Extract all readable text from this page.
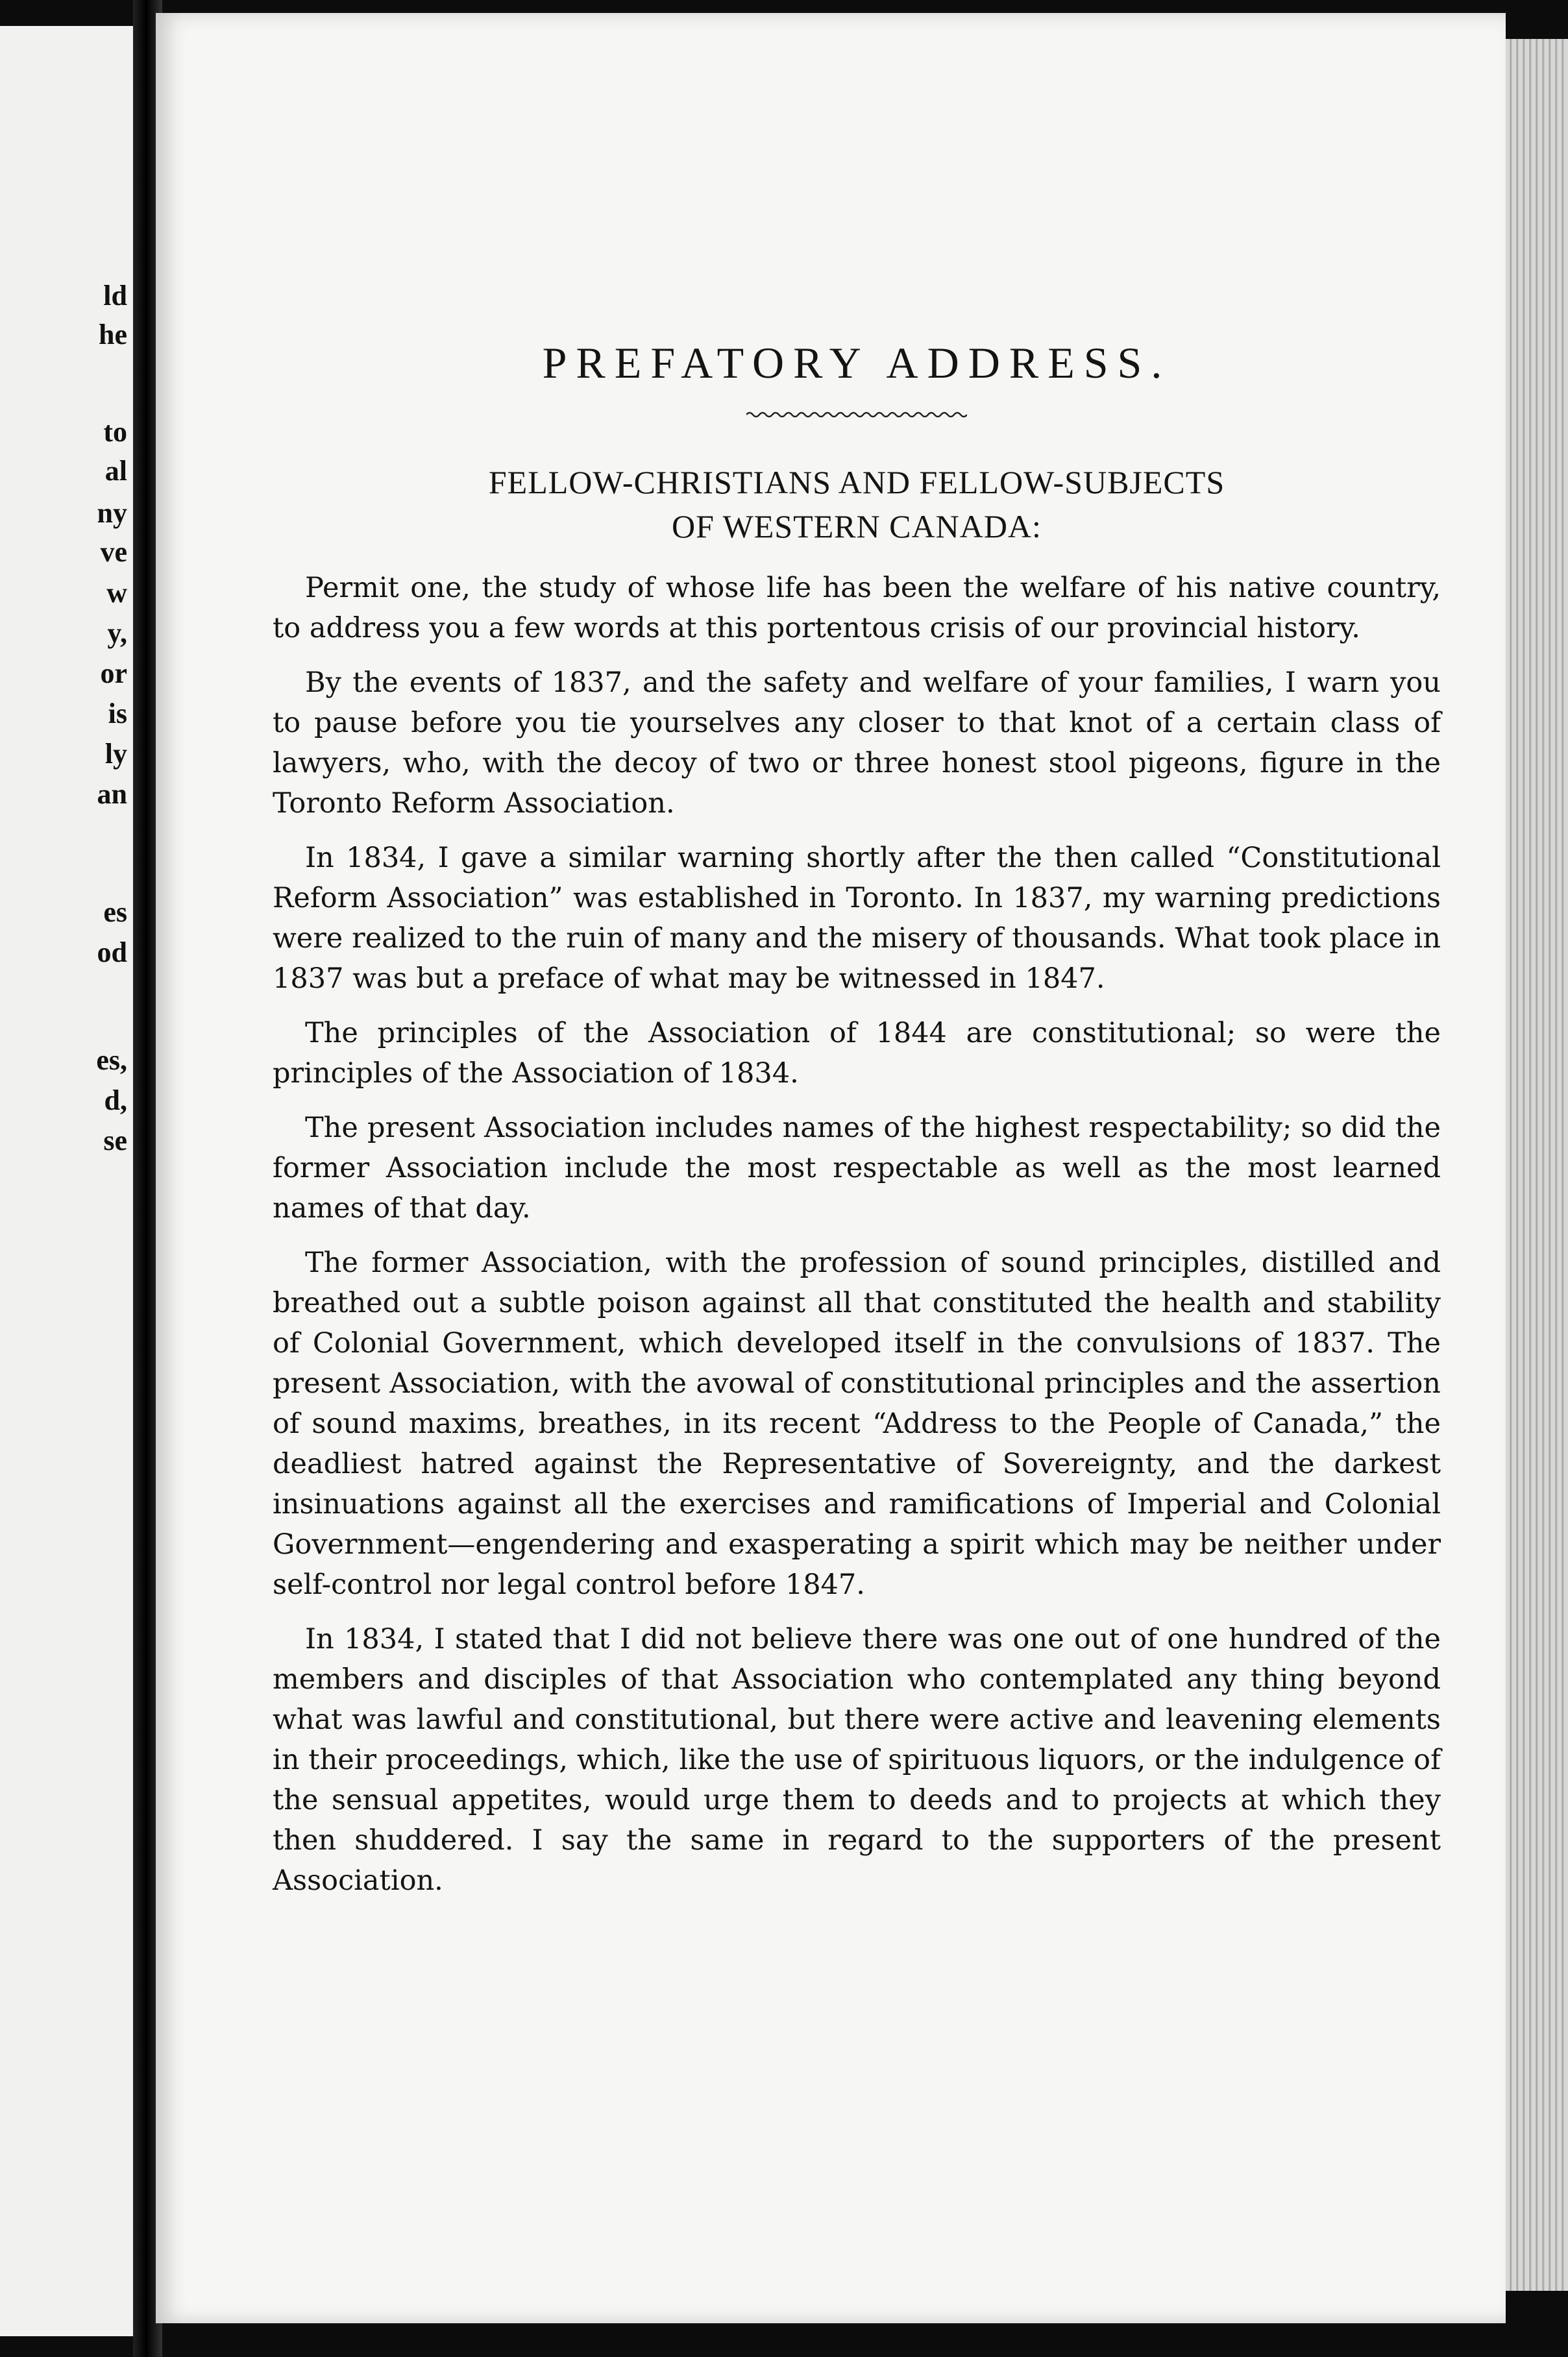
ld
he
to
al
ny
ve
w
y,
or
is
ly
an
es
od
es,
d,
se
PREFATORY ADDRESS.
FELLOW-CHRISTIANS AND FELLOW-SUBJECTS
OF WESTERN CANADA:

Permit one, the study of whose life has been the welfare of his native country, to address you a few words at this portentous crisis of our provincial history.

By the events of 1837, and the safety and welfare of your families, I warn you to pause before you tie yourselves any closer to that knot of a certain class of lawyers, who, with the decoy of two or three honest stool pigeons, figure in the Toronto Reform Association.

In 1834, I gave a similar warning shortly after the then called “Constitutional Reform Association” was established in Toronto. In 1837, my warning predictions were realized to the ruin of many and the misery of thousands. What took place in 1837 was but a preface of what may be witnessed in 1847.

The principles of the Association of 1844 are constitutional; so were the principles of the Association of 1834.

The present Association includes names of the highest respectability; so did the former Association include the most respectable as well as the most learned names of that day.

The former Association, with the profession of sound principles, distilled and breathed out a subtle poison against all that constituted the health and stability of Colonial Government, which developed itself in the convulsions of 1837. The present Association, with the avowal of constitutional principles and the assertion of sound maxims, breathes, in its recent “Address to the People of Canada,” the deadliest hatred against the Representative of Sovereignty, and the darkest insinuations against all the exercises and ramifications of Imperial and Colonial Government—engendering and exasperating a spirit which may be neither under self-control nor legal control before 1847.

In 1834, I stated that I did not believe there was one out of one hundred of the members and disciples of that Association who contemplated any thing beyond what was lawful and constitutional, but there were active and leavening elements in their proceedings, which, like the use of spirituous liquors, or the indulgence of the sensual appetites, would urge them to deeds and to projects at which they then shuddered. I say the same in regard to the supporters of the present Association.
